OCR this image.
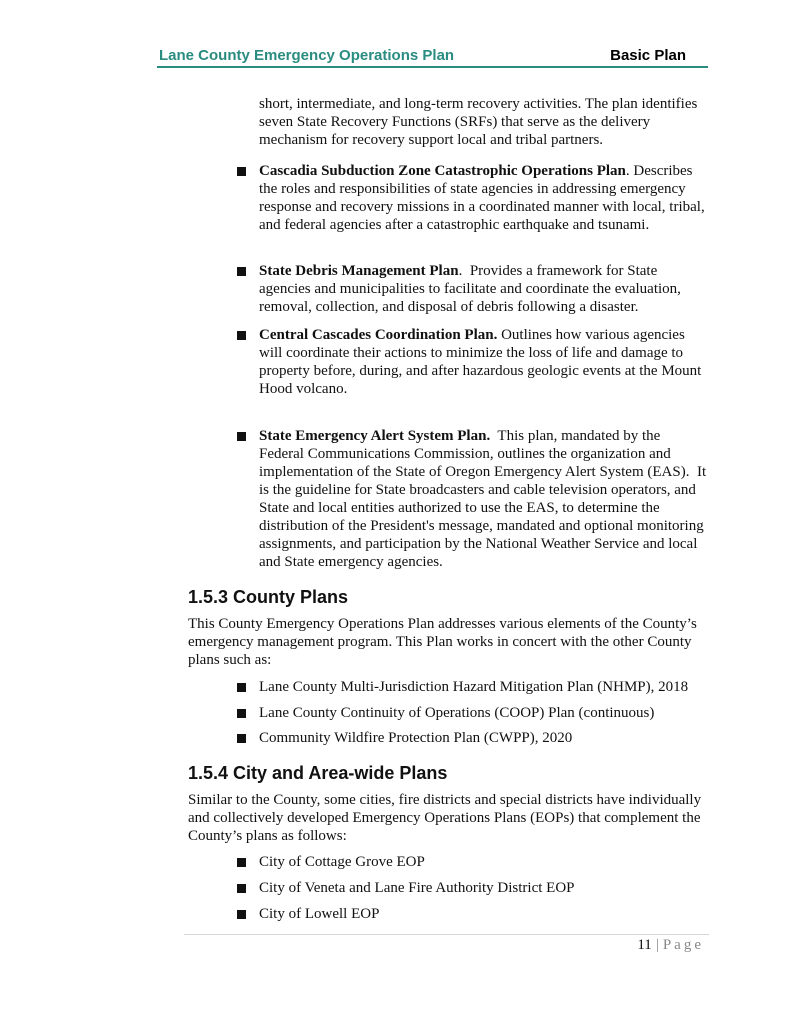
Lane County Emergency Operations Plan	Basic Plan
short, intermediate, and long-term recovery activities. The plan identifies seven State Recovery Functions (SRFs) that serve as the delivery mechanism for recovery support local and tribal partners.
Cascadia Subduction Zone Catastrophic Operations Plan. Describes the roles and responsibilities of state agencies in addressing emergency response and recovery missions in a coordinated manner with local, tribal, and federal agencies after a catastrophic earthquake and tsunami.
State Debris Management Plan.  Provides a framework for State agencies and municipalities to facilitate and coordinate the evaluation, removal, collection, and disposal of debris following a disaster.
Central Cascades Coordination Plan. Outlines how various agencies will coordinate their actions to minimize the loss of life and damage to property before, during, and after hazardous geologic events at the Mount Hood volcano.
State Emergency Alert System Plan.  This plan, mandated by the Federal Communications Commission, outlines the organization and implementation of the State of Oregon Emergency Alert System (EAS).  It is the guideline for State broadcasters and cable television operators, and State and local entities authorized to use the EAS, to determine the distribution of the President's message, mandated and optional monitoring assignments, and participation by the National Weather Service and local and State emergency agencies.
1.5.3 County Plans
This County Emergency Operations Plan addresses various elements of the County’s emergency management program. This Plan works in concert with the other County plans such as:
Lane County Multi-Jurisdiction Hazard Mitigation Plan (NHMP), 2018
Lane County Continuity of Operations (COOP) Plan (continuous)
Community Wildfire Protection Plan (CWPP), 2020
1.5.4 City and Area-wide Plans
Similar to the County, some cities, fire districts and special districts have individually and collectively developed Emergency Operations Plans (EOPs) that complement the County’s plans as follows:
City of Cottage Grove EOP
City of Veneta and Lane Fire Authority District EOP
City of Lowell EOP
11 | Page
